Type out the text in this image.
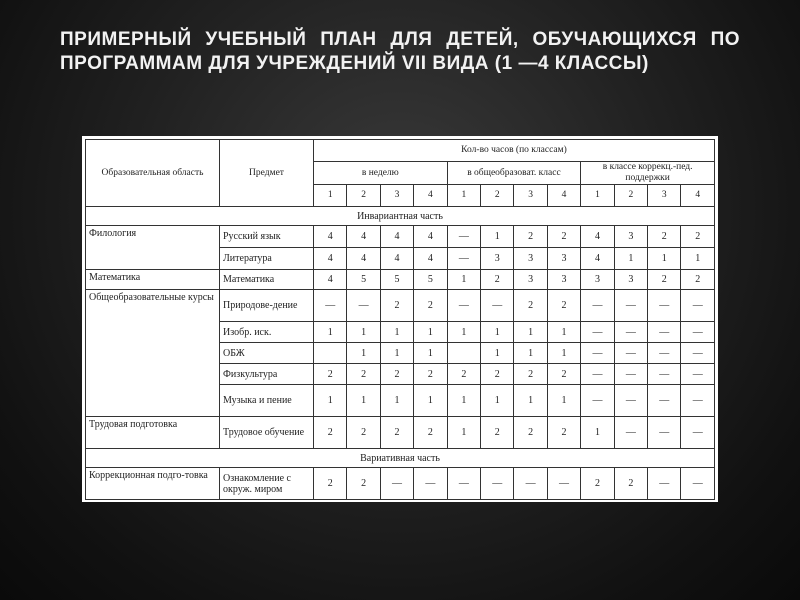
ПРИМЕРНЫЙ УЧЕБНЫЙ ПЛАН ДЛЯ ДЕТЕЙ, ОБУЧАЮЩИХСЯ ПО ПРОГРАММАМ ДЛЯ УЧРЕЖДЕНИЙ VII ВИДА (1 —4 КЛАССЫ)
Образовательная область	Предмет	Кол-во часов (по классам)											
		в неделю				в общеобразоват. класс				в классе коррекц.-пед. поддержки			
		1	2	3	4	1	2	3	4	1	2	3	4
Инвариантная часть													
Филология	Русский язык	4	4	4	4	—	1	2	2	4	3	2	2
	Литература	4	4	4	4	—	3	3	3	4	1	1	1
Математика	Математика	4	5	5	5	1	2	3	3	3	3	2	2
Общеобразовательные курсы	Природове-дение	—	—	2	2	—	—	2	2	—	—	—	—
	Изобр. иск.	1	1	1	1	1	1	1	1	—	—	—	—
	ОБЖ		1	1	1		1	1	1	—	—	—	—
	Физкультура	2	2	2	2	2	2	2	2	—	—	—	—
	Музыка и пение	1	1	1	1	1	1	1	1	—	—	—	—
Трудовая подготовка	Трудовое обучение	2	2	2	2	1	2	2	2	1	—	—	—
Вариативная часть													
Коррекционная подго-товка	Ознакомление с окруж. миром	2	2	—	—	—	—	—	—	2	2	—	—
